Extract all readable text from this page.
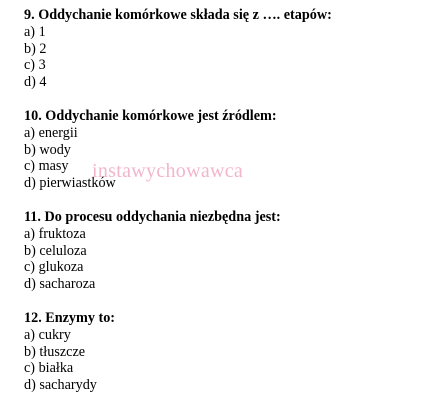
9. Oddychanie komórkowe składa się z …. etapów:

a) 1
b) 2
c) 3
d) 4

10. Oddychanie komórkowe jest źródlem:

a) energii
b) wody
c) masy
d) pierwiastków

11. Do procesu oddychania niezbędna jest:

a) fruktoza
b) celuloza
c) glukoza
d) sacharoza

12. Enzymy to:

a) cukry
b) tłuszcze
c) białka
d) sacharydy
instawychowawca
